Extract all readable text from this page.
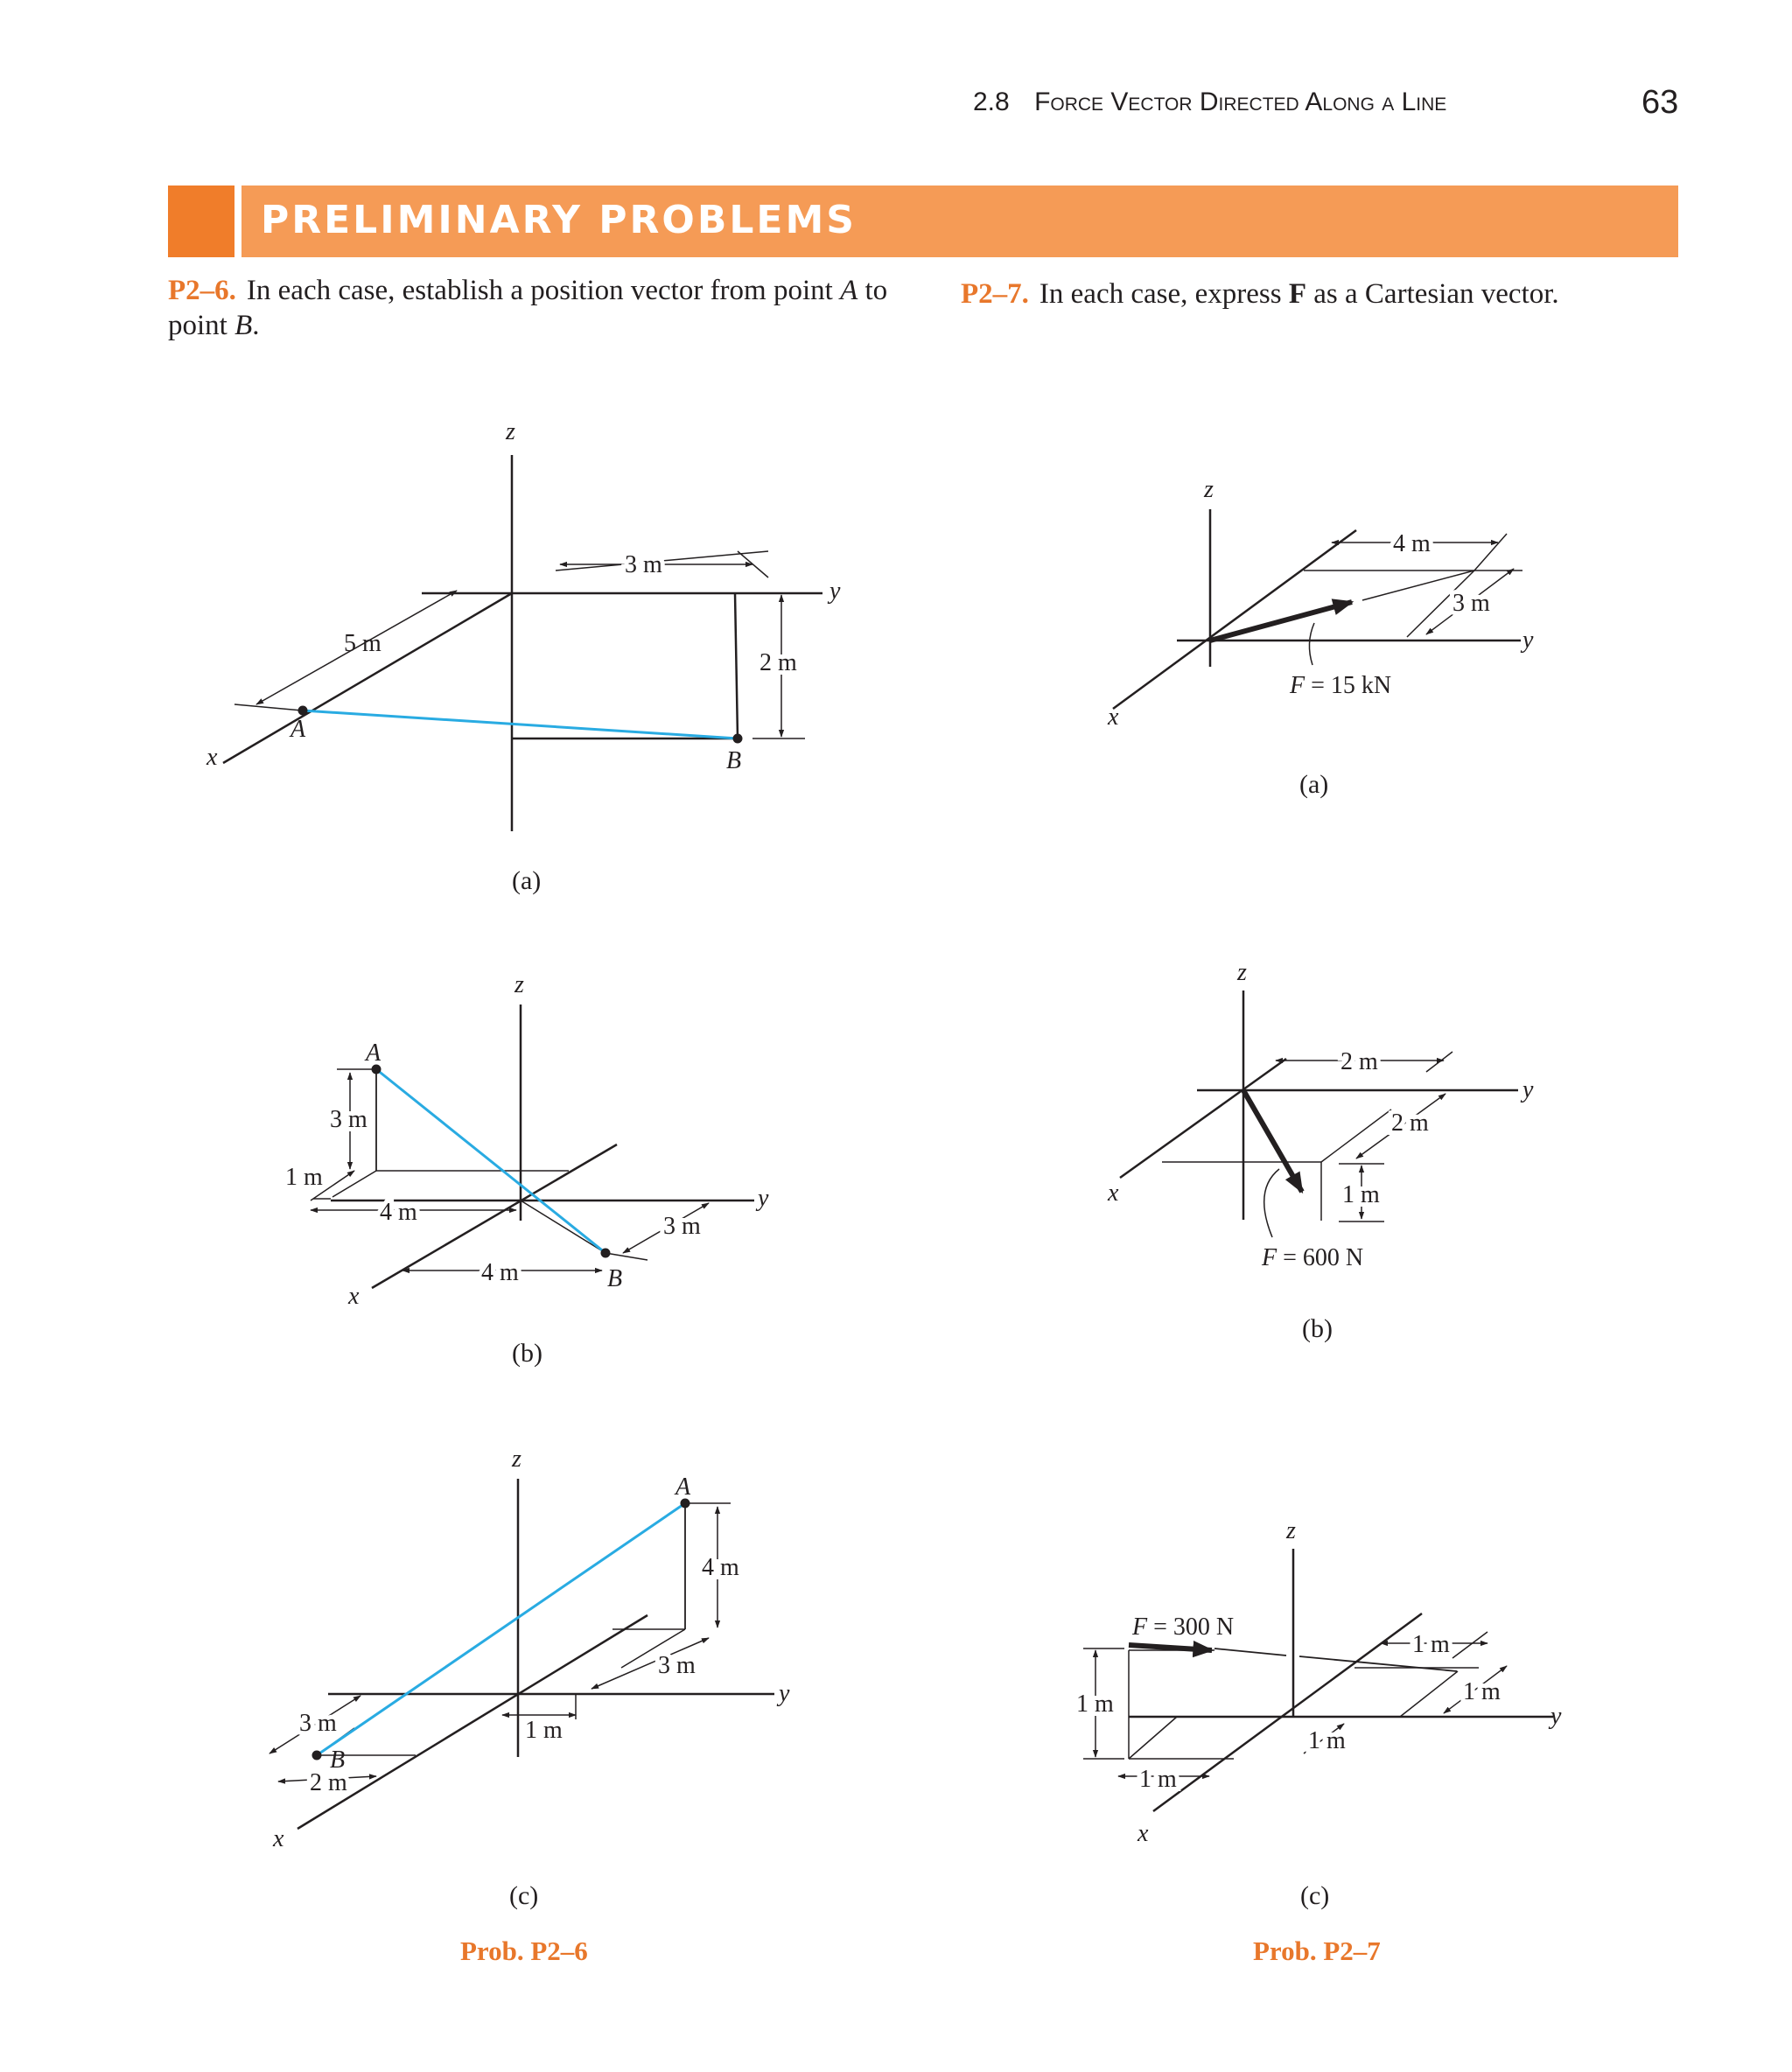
2.8 Force Vector Directed Along a Line	63
PRELIMINARY PROBLEMS
P2–6. In each case, establish a position vector from point A to point B.
P2–7. In each case, express F as a Cartesian vector.
z
y
x
5 m
3 m
2 m
A
B
(a)
z
y
x
A
B
3 m
1 m
4 m
4 m
3 m
(b)
z
y
x
A
B
4 m
3 m
1 m
3 m
2 m
(c)
z
y
x
4 m
3 m
F = 15 kN
(a)
z
y
x
2 m
2 m
1 m
F = 600 N
(b)
z
y
x
F = 300 N
1 m
1 m
1 m
1 m
1 m
(c)
Prob. P2–6	Prob. P2–7
